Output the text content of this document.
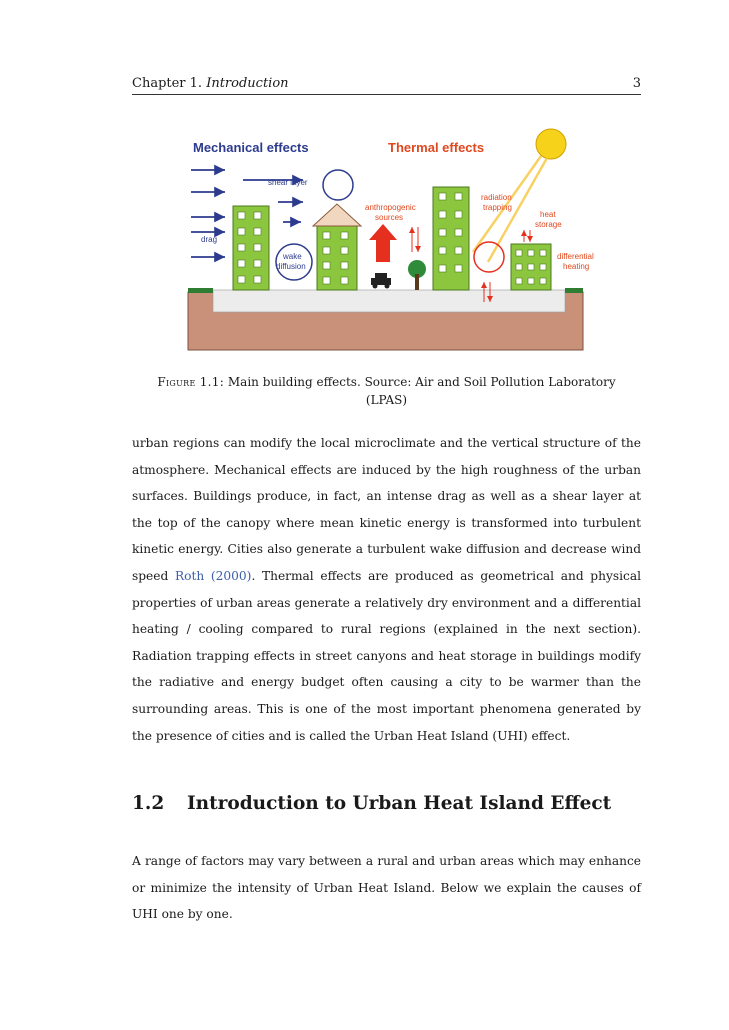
Chapter 1. Introduction	3
Mechanical effects
shear layer
drag
wake
diffusion
Thermal effects
anthropogenic
sources
radiation
trapping
heat
storage
differential
heating
Figure 1.1: Main building effects. Source: Air and Soil Pollution Laboratory (LPAS)
urban regions can modify the local microclimate and the vertical structure of the atmosphere. Mechanical effects are induced by the high roughness of the urban surfaces. Buildings produce, in fact, an intense drag as well as a shear layer at the top of the canopy where mean kinetic energy is transformed into turbulent kinetic energy. Cities also generate a turbulent wake diffusion and decrease wind speed Roth (2000). Thermal effects are produced as geometrical and physical properties of urban areas generate a relatively dry environment and a differential heating / cooling compared to rural regions (explained in the next section). Radiation trapping effects in street canyons and heat storage in buildings modify the radiative and energy budget often causing a city to be warmer than the surrounding areas. This is one of the most important phenomena generated by the presence of cities and is called the Urban Heat Island (UHI) effect.
1.2 Introduction to Urban Heat Island Effect
A range of factors may vary between a rural and urban areas which may enhance or minimize the intensity of Urban Heat Island. Below we explain the causes of UHI one by one.
